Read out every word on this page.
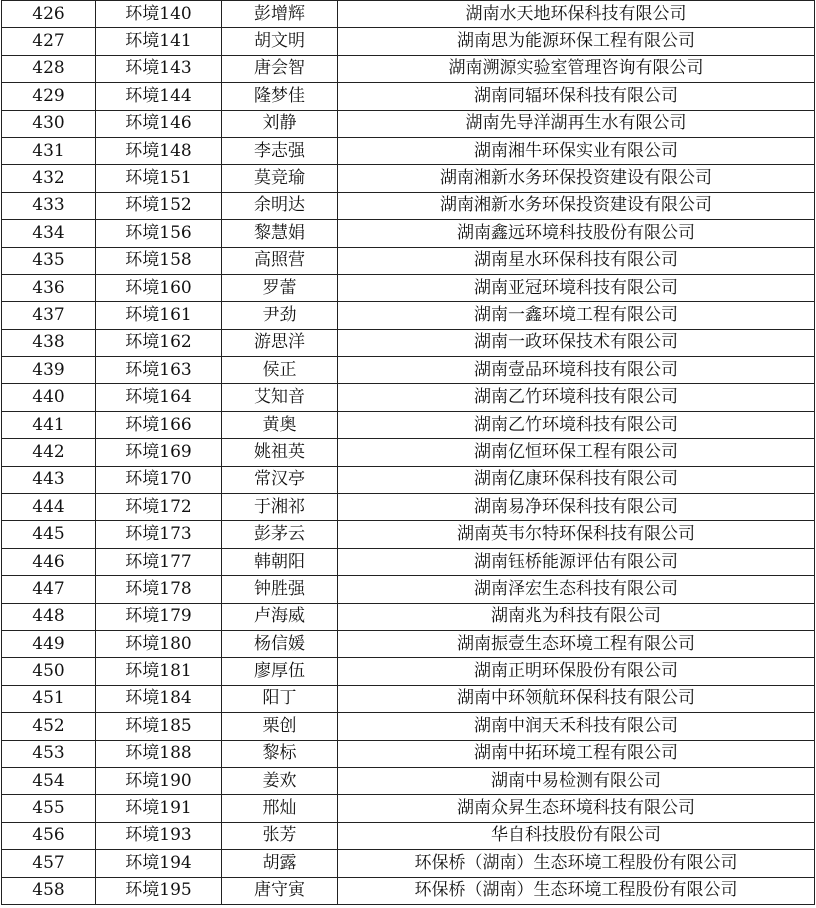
426	环境140	彭增辉	湖南水天地环保科技有限公司
427	环境141	胡文明	湖南思为能源环保工程有限公司
428	环境143	唐会智	湖南溯源实验室管理咨询有限公司
429	环境144	隆梦佳	湖南同辐环保科技有限公司
430	环境146	刘静	湖南先导洋湖再生水有限公司
431	环境148	李志强	湖南湘牛环保实业有限公司
432	环境151	莫竞瑜	湖南湘新水务环保投资建设有限公司
433	环境152	余明达	湖南湘新水务环保投资建设有限公司
434	环境156	黎慧娟	湖南鑫远环境科技股份有限公司
435	环境158	高照营	湖南星水环保科技有限公司
436	环境160	罗蕾	湖南亚冠环境科技有限公司
437	环境161	尹劲	湖南一鑫环境工程有限公司
438	环境162	游思洋	湖南一政环保技术有限公司
439	环境163	侯正	湖南壹品环境科技有限公司
440	环境164	艾知音	湖南乙竹环境科技有限公司
441	环境166	黄奥	湖南乙竹环境科技有限公司
442	环境169	姚祖英	湖南亿恒环保工程有限公司
443	环境170	常汉亭	湖南亿康环保科技有限公司
444	环境172	于湘祁	湖南易净环保科技有限公司
445	环境173	彭茅云	湖南英韦尔特环保科技有限公司
446	环境177	韩朝阳	湖南钰桥能源评估有限公司
447	环境178	钟胜强	湖南泽宏生态科技有限公司
448	环境179	卢海威	湖南兆为科技有限公司
449	环境180	杨信媛	湖南振壹生态环境工程有限公司
450	环境181	廖厚伍	湖南正明环保股份有限公司
451	环境184	阳丁	湖南中环领航环保科技有限公司
452	环境185	栗创	湖南中润天禾科技有限公司
453	环境188	黎标	湖南中拓环境工程有限公司
454	环境190	姜欢	湖南中易检测有限公司
455	环境191	邢灿	湖南众昇生态环境科技有限公司
456	环境193	张芳	华自科技股份有限公司
457	环境194	胡露	环保桥（湖南）生态环境工程股份有限公司
458	环境195	唐守寅	环保桥（湖南）生态环境工程股份有限公司
